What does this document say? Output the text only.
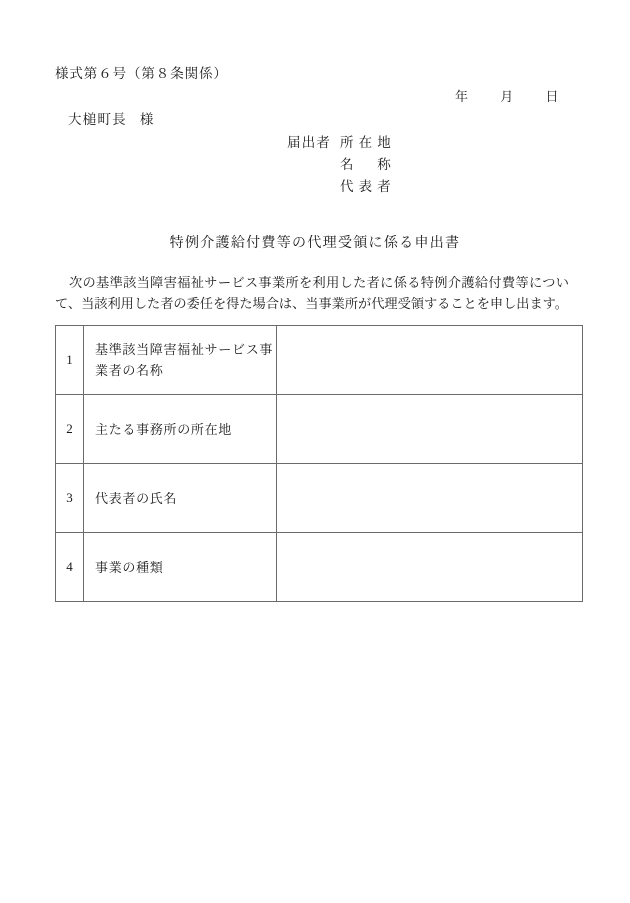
様式第６号（第８条関係）
年 月 日
大槌町長 様
届出者 所在地
名　称
代表者
特例介護給付費等の代理受領に係る申出書

次の基準該当障害福祉サービス事業所を利用した者に係る特例介護給付費等について、当該利用した者の委任を得た場合は、当事業所が代理受領することを申し出ます。

1	基準該当障害福祉サービス事業者の名称	
2	主たる事務所の所在地	
3	代表者の氏名	
4	事業の種類	
